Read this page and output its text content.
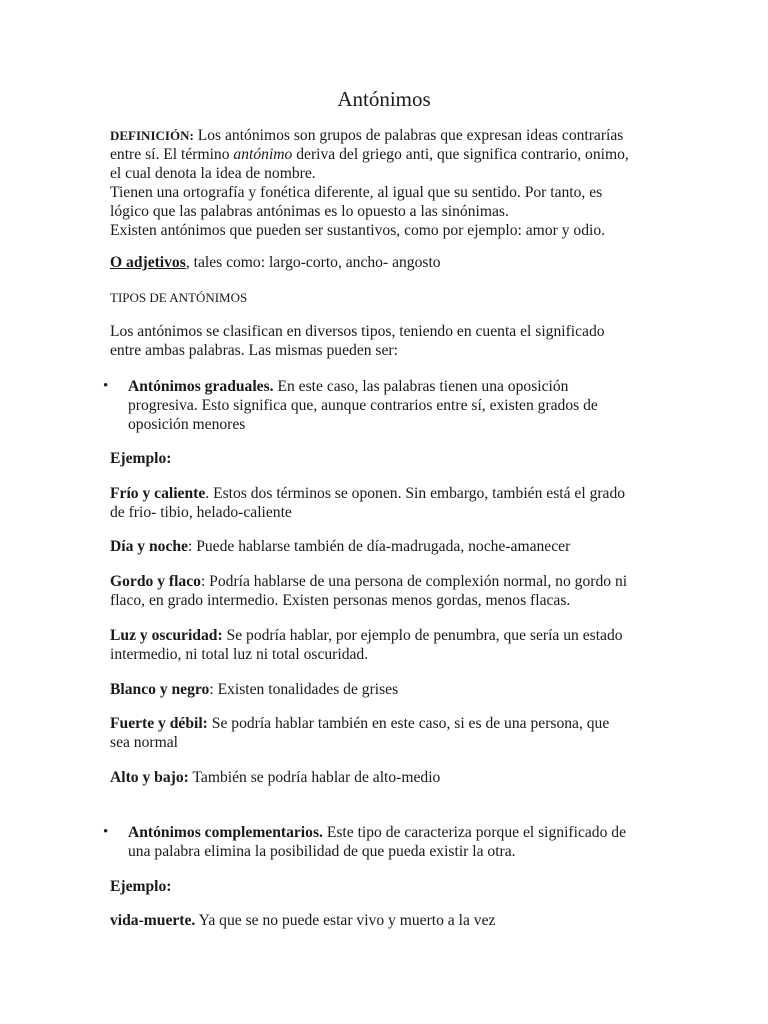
Antónimos
DEFINICIÓN: Los antónimos son grupos de palabras que expresan ideas contrarías
entre sí. El término antónimo deriva del griego anti, que significa contrario, onimo,
el cual denota la idea de nombre.
Tienen una ortografía y fonética diferente, al igual que su sentido. Por tanto, es
lógico que las palabras antónimas es lo opuesto a las sinónimas.
Existen antónimos que pueden ser sustantivos, como por ejemplo: amor y odio.
O adjetivos, tales como: largo-corto, ancho- angosto
TIPOS DE ANTÓNIMOS
Los antónimos se clasifican en diversos tipos, teniendo en cuenta el significado
entre ambas palabras. Las mismas pueden ser:
• Antónimos graduales. En este caso, las palabras tienen una oposición
progresiva. Esto significa que, aunque contrarios entre sí, existen grados de
oposición menores
Ejemplo:
Frío y caliente. Estos dos términos se oponen. Sin embargo, también está el grado
de frio- tibio, helado-caliente
Día y noche: Puede hablarse también de día-madrugada, noche-amanecer
Gordo y flaco: Podría hablarse de una persona de complexión normal, no gordo ni
flaco, en grado intermedio. Existen personas menos gordas, menos flacas.
Luz y oscuridad: Se podría hablar, por ejemplo de penumbra, que sería un estado
intermedio, ni total luz ni total oscuridad.
Blanco y negro: Existen tonalidades de grises
Fuerte y débil: Se podría hablar también en este caso, si es de una persona, que
sea normal
Alto y bajo: También se podría hablar de alto-medio
• Antónimos complementarios. Este tipo de caracteriza porque el significado de
una palabra elimina la posibilidad de que pueda existir la otra.
Ejemplo:
vida-muerte. Ya que se no puede estar vivo y muerto a la vez
